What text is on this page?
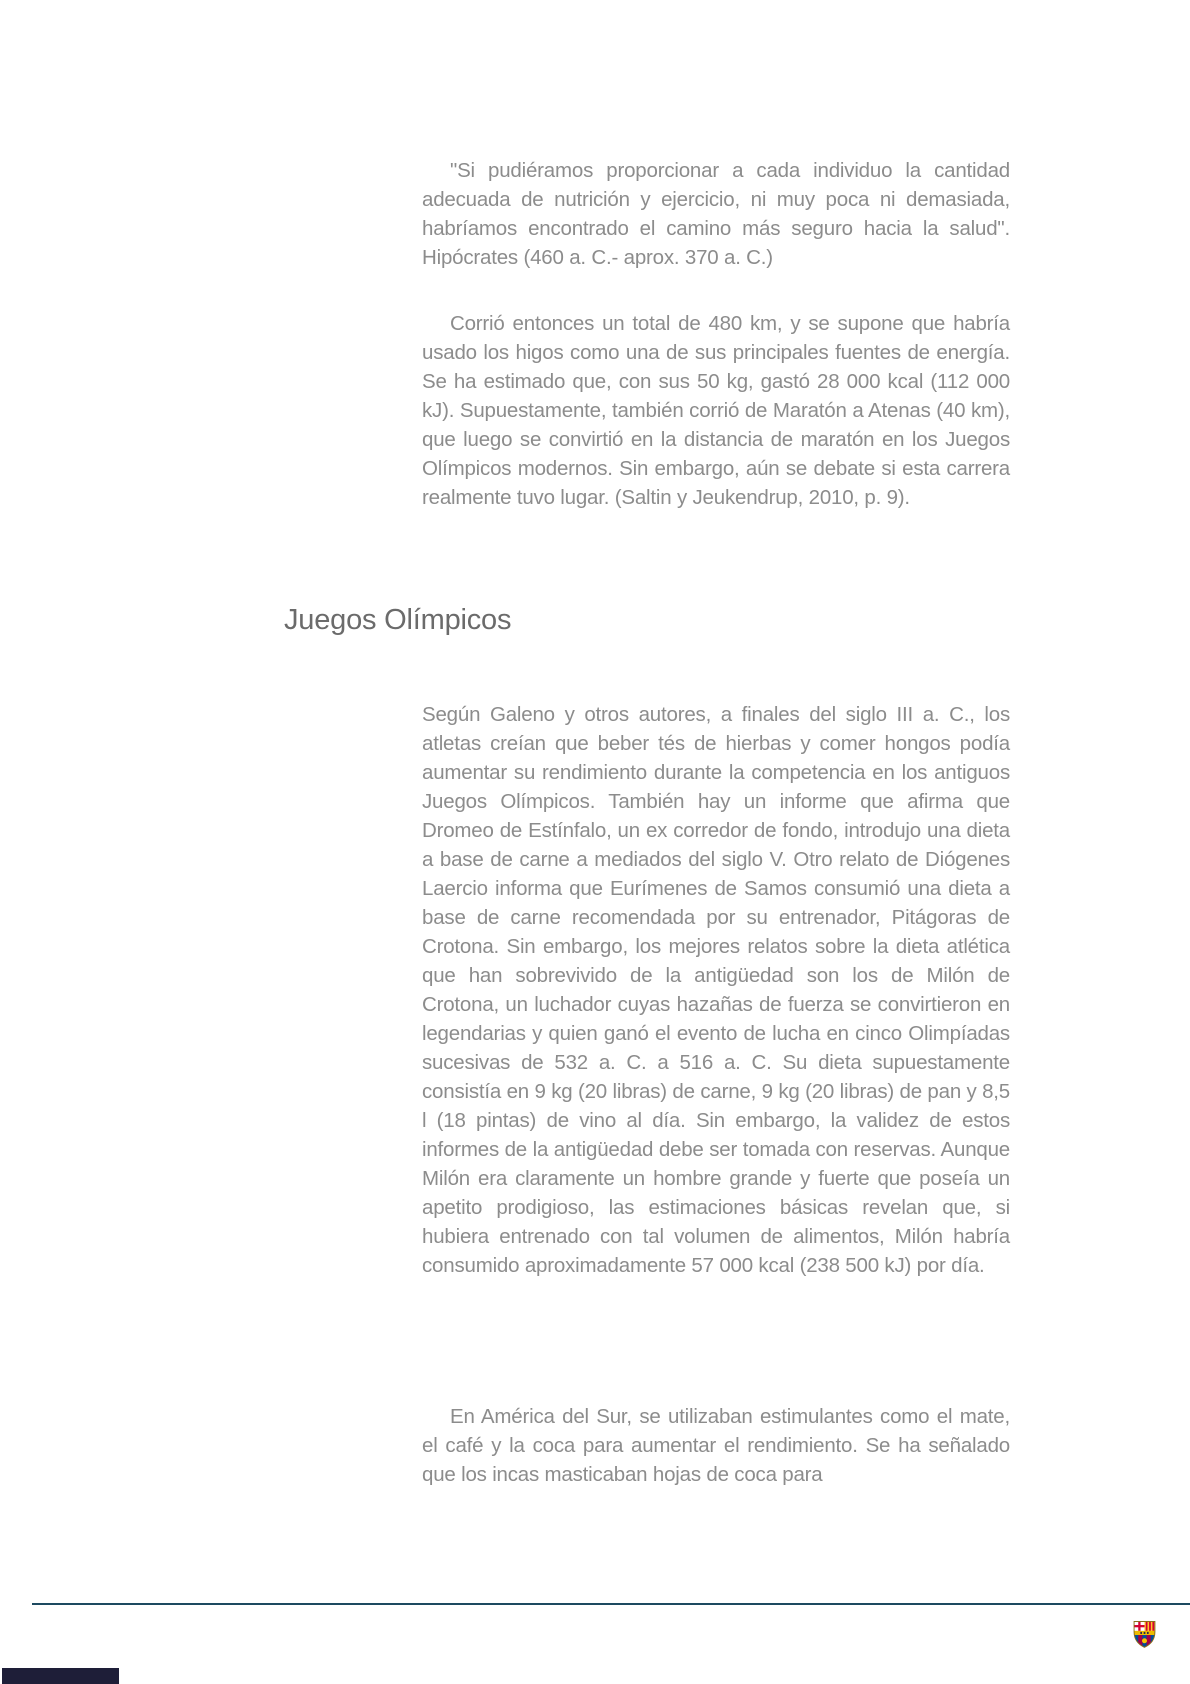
"Si pudiéramos proporcionar a cada individuo la cantidad adecuada de nutrición y ejercicio, ni muy poca ni demasiada, habríamos encontrado el camino más seguro hacia la salud". Hipócrates (460 a. C.- aprox. 370 a. C.)

Corrió entonces un total de 480 km, y se supone que habría usado los higos como una de sus principales fuentes de energía. Se ha estimado que, con sus 50 kg, gastó 28 000 kcal (112 000 kJ). Supuestamente, también corrió de Maratón a Atenas (40 km), que luego se convirtió en la distancia de maratón en los Juegos Olímpicos modernos. Sin embargo, aún se debate si esta carrera realmente tuvo lugar. (Saltin y Jeukendrup, 2010, p. 9).

Juegos Olímpicos

Según Galeno y otros autores, a finales del siglo III a. C., los atletas creían que beber tés de hierbas y comer hongos podía aumentar su rendimiento durante la competencia en los antiguos Juegos Olímpicos. También hay un informe que afirma que Dromeo de Estínfalo, un ex corredor de fondo, introdujo una dieta a base de carne a mediados del siglo V. Otro relato de Diógenes Laercio informa que Eurímenes de Samos consumió una dieta a base de carne recomendada por su entrenador, Pitágoras de Crotona. Sin embargo, los mejores relatos sobre la dieta atlética que han sobrevivido de la antigüedad son los de Milón de Crotona, un luchador cuyas hazañas de fuerza se convirtieron en legendarias y quien ganó el evento de lucha en cinco Olimpíadas sucesivas de 532 a. C. a 516 a. C. Su dieta supuestamente consistía en 9 kg (20 libras) de carne, 9 kg (20 libras) de pan y 8,5 l (18 pintas) de vino al día. Sin embargo, la validez de estos informes de la antigüedad debe ser tomada con reservas. Aunque Milón era claramente un hombre grande y fuerte que poseía un apetito prodigioso, las estimaciones básicas revelan que, si hubiera entrenado con tal volumen de alimentos, Milón habría consumido aproximadamente 57 000 kcal (238 500 kJ) por día.

En América del Sur, se utilizaban estimulantes como el mate, el café y la coca para aumentar el rendimiento. Se ha señalado que los incas masticaban hojas de coca para
